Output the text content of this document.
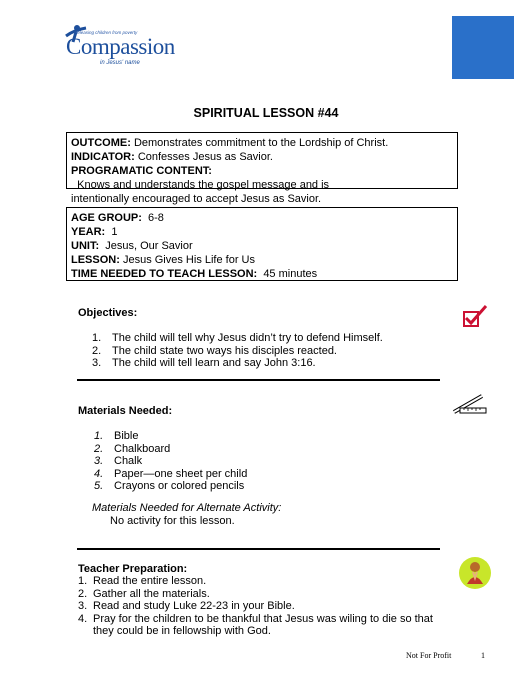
Releasing children from poverty
Compassion
in Jesus' name
SPIRITUAL LESSON #44
OUTCOME: Demonstrates commitment to the Lordship of Christ.
INDICATOR: Confesses Jesus as Savior.
PROGRAMATIC CONTENT:  Knows and understands the gospel message and is
intentionally encouraged to accept Jesus as Savior.
AGE GROUP:  6-8
YEAR:  1
UNIT:  Jesus, Our Savior
LESSON: Jesus Gives His Life for Us
TIME NEEDED TO TEACH LESSON:  45 minutes
Objectives:
1. The child will tell why Jesus didn’t try to defend Himself.
2. The child state two ways his disciples reacted.
3. The child will tell learn and say John 3:16.
Materials Needed:
1. Bible
2. Chalkboard
3. Chalk
4. Paper—one sheet per child
5. Crayons or colored pencils
Materials Needed for Alternate Activity:
No activity for this lesson.
Teacher Preparation:
1. Read the entire lesson.
2. Gather all the materials.
3. Read and study Luke 22-23 in your Bible.
4. Pray for the children to be thankful that Jesus was wiling to die so that
they could be in fellowship with God.
Not For Profit	1
